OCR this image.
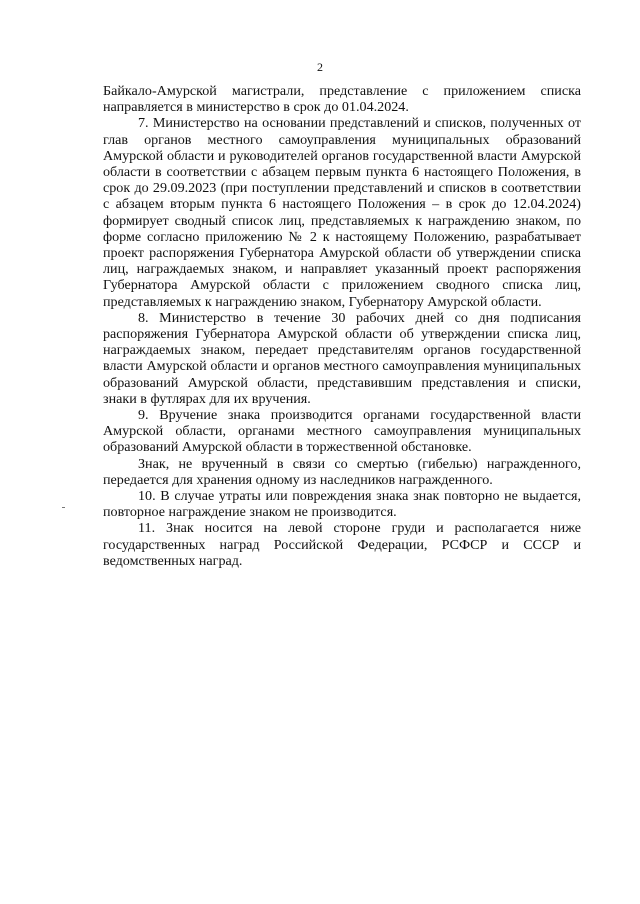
2

Байкало-Амурской магистрали, представление с приложением списка направляется в министерство в срок до 01.04.2024.

7. Министерство на основании представлений и списков, полученных от глав органов местного самоуправления муниципальных образований Амурской области и руководителей органов государственной власти Амурской области в соответствии с абзацем первым пункта 6 настоящего Положения, в срок до 29.09.2023 (при поступлении представлений и списков в соответствии с абзацем вторым пункта 6 настоящего Положения – в срок до 12.04.2024) формирует сводный список лиц, представляемых к награждению знаком, по форме согласно приложению № 2 к настоящему Положению, разрабатывает проект распоряжения Губернатора Амурской области об утверждении списка лиц, награждаемых знаком, и направляет указанный проект распоряжения Губернатора Амурской области с приложением сводного списка лиц, представляемых к награждению знаком, Губернатору Амурской области.

8. Министерство в течение 30 рабочих дней со дня подписания распоряжения Губернатора Амурской области об утверждении списка лиц, награждаемых знаком, передает представителям органов государственной власти Амурской области и органов местного самоуправления муниципальных образований Амурской области, представившим представления и списки, знаки в футлярах для их вручения.

9. Вручение знака производится органами государственной власти Амурской области, органами местного самоуправления муниципальных образований Амурской области в торжественной обстановке.

Знак, не врученный в связи со смертью (гибелью) награжденного, передается для хранения одному из наследников награжденного.

10. В случае утраты или повреждения знака знак повторно не выдается, повторное награждение знаком не производится.

11. Знак носится на левой стороне груди и располагается ниже государственных наград Российской Федерации, РСФСР и СССР и ведомственных наград.
